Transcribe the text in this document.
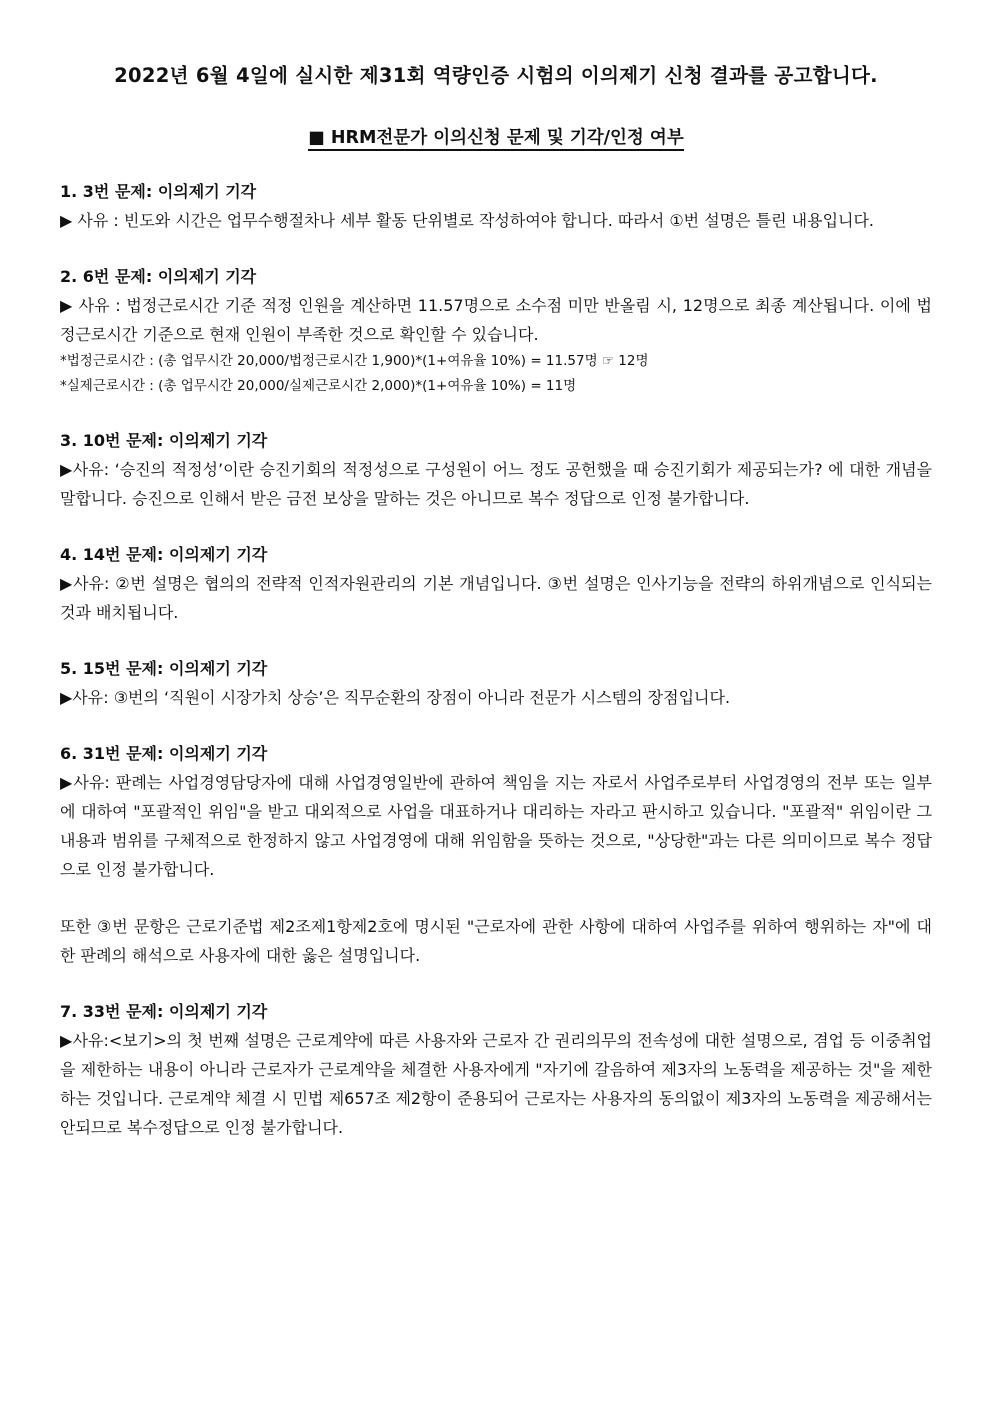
2022년 6월 4일에 실시한 제31회 역량인증 시험의 이의제기 신청 결과를 공고합니다.
■ HRM전문가 이의신청 문제 및 기각/인정 여부
1. 3번 문제: 이의제기 기각

▶ 사유 : 빈도와 시간은 업무수행절차나 세부 활동 단위별로 작성하여야 합니다. 따라서 ①번 설명은 틀린 내용입니다.

2. 6번 문제: 이의제기 기각

▶ 사유 : 법정근로시간 기준 적정 인원을 계산하면 11.57명으로 소수점 미만 반올림 시, 12명으로 최종 계산됩니다. 이에 법정근로시간 기준으로 현재 인원이 부족한 것으로 확인할 수 있습니다.

*법정근로시간 : (총 업무시간 20,000/법정근로시간 1,900)*(1+여유율 10%) = 11.57명 ☞ 12명

*실제근로시간 : (총 업무시간 20,000/실제근로시간 2,000)*(1+여유율 10%) = 11명

3. 10번 문제: 이의제기 기각

▶사유: ‘승진의 적정성’이란 승진기회의 적정성으로 구성원이 어느 정도 공헌했을 때 승진기회가 제공되는가? 에 대한 개념을 말합니다. 승진으로 인해서 받은 금전 보상을 말하는 것은 아니므로 복수 정답으로 인정 불가합니다.

4. 14번 문제: 이의제기 기각

▶사유: ②번 설명은 협의의 전략적 인적자원관리의 기본 개념입니다. ③번 설명은 인사기능을 전략의 하위개념으로 인식되는 것과 배치됩니다.

5. 15번 문제: 이의제기 기각

▶사유: ③번의 ‘직원이 시장가치 상승’은 직무순환의 장점이 아니라 전문가 시스템의 장점입니다.

6. 31번 문제: 이의제기 기각

▶사유: 판례는 사업경영담당자에 대해 사업경영일반에 관하여 책임을 지는 자로서 사업주로부터 사업경영의 전부 또는 일부에 대하여 "포괄적인 위임"을 받고 대외적으로 사업을 대표하거나 대리하는 자라고 판시하고 있습니다. "포괄적" 위임이란 그 내용과 범위를 구체적으로 한정하지 않고 사업경영에 대해 위임함을 뜻하는 것으로, "상당한"과는 다른 의미이므로 복수 정답으로 인정 불가합니다.

또한 ③번 문항은 근로기준법 제2조제1항제2호에 명시된 "근로자에 관한 사항에 대하여 사업주를 위하여 행위하는 자"에 대한 판례의 해석으로 사용자에 대한 옳은 설명입니다.

7. 33번 문제: 이의제기 기각

▶사유:<보기>의 첫 번째 설명은 근로계약에 따른 사용자와 근로자 간 권리의무의 전속성에 대한 설명으로, 겸업 등 이중취업을 제한하는 내용이 아니라 근로자가 근로계약을 체결한 사용자에게 "자기에 갈음하여 제3자의 노동력을 제공하는 것"을 제한하는 것입니다. 근로계약 체결 시 민법 제657조 제2항이 준용되어 근로자는 사용자의 동의없이 제3자의 노동력을 제공해서는 안되므로 복수정답으로 인정 불가합니다.
